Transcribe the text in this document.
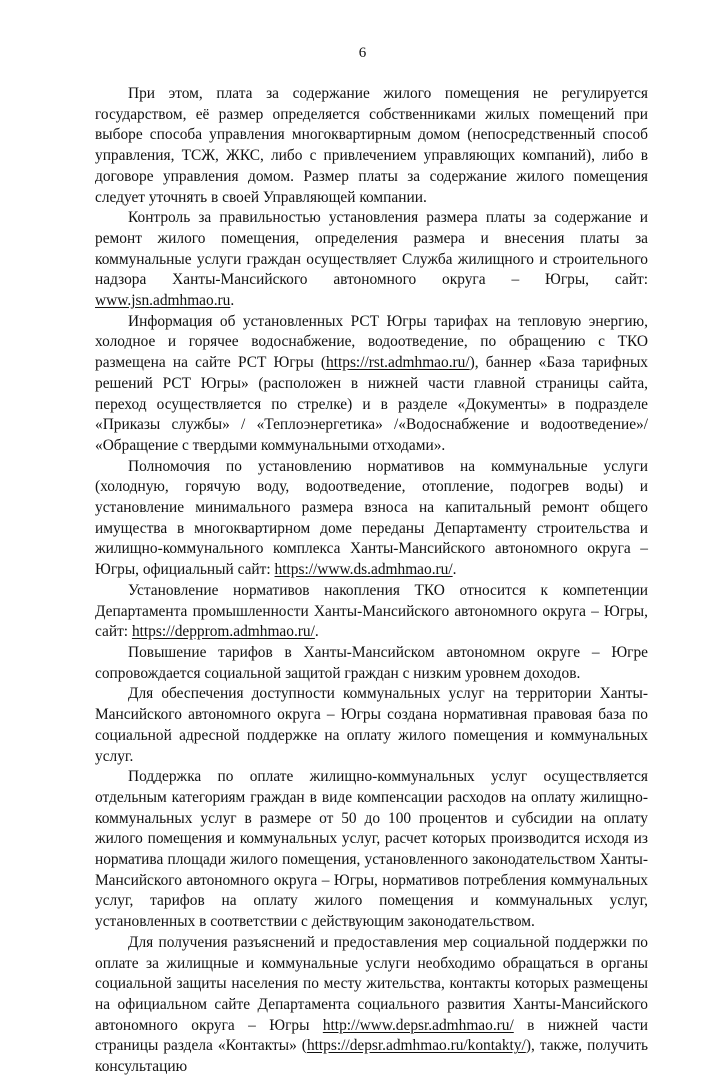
6

При этом, плата за содержание жилого помещения не регулируется государством, её размер определяется собственниками жилых помещений при выборе способа управления многоквартирным домом (непосредственный способ управления, ТСЖ, ЖКС, либо с привлечением управляющих компаний), либо в договоре управления домом. Размер платы за содержание жилого помещения следует уточнять в своей Управляющей компании.

Контроль за правильностью установления размера платы за содержание и ремонт жилого помещения, определения размера и внесения платы за коммунальные услуги граждан осуществляет Служба жилищного и строительного надзора Ханты-Мансийского автономного округа – Югры, сайт: www.jsn.admhmao.ru.

Информация об установленных РСТ Югры тарифах на тепловую энергию, холодное и горячее водоснабжение, водоотведение, по обращению с ТКО размещена на сайте РСТ Югры (https://rst.admhmao.ru/), баннер «База тарифных решений РСТ Югры» (расположен в нижней части главной страницы сайта, переход осуществляется по стрелке) и в разделе «Документы» в подразделе «Приказы службы» / «Теплоэнергетика» /«Водоснабжение и водоотведение»/ «Обращение с твердыми коммунальными отходами».

Полномочия по установлению нормативов на коммунальные услуги (холодную, горячую воду, водоотведение, отопление, подогрев воды) и установление минимального размера взноса на капитальный ремонт общего имущества в многоквартирном доме переданы Департаменту строительства и жилищно-коммунального комплекса Ханты-Мансийского автономного округа – Югры, официальный сайт: https://www.ds.admhmao.ru/.

Установление нормативов накопления ТКО относится к компетенции Департамента промышленности Ханты-Мансийского автономного округа – Югры, сайт: https://depprom.admhmao.ru/.

Повышение тарифов в Ханты-Мансийском автономном округе – Югре сопровождается социальной защитой граждан с низким уровнем доходов.

Для обеспечения доступности коммунальных услуг на территории Ханты-Мансийского автономного округа – Югры создана нормативная правовая база по социальной адресной поддержке на оплату жилого помещения и коммунальных услуг.

Поддержка по оплате жилищно-коммунальных услуг осуществляется отдельным категориям граждан в виде компенсации расходов на оплату жилищно-коммунальных услуг в размере от 50 до 100 процентов и субсидии на оплату жилого помещения и коммунальных услуг, расчет которых производится исходя из норматива площади жилого помещения, установленного законодательством Ханты-Мансийского автономного округа – Югры, нормативов потребления коммунальных услуг, тарифов на оплату жилого помещения и коммунальных услуг, установленных в соответствии с действующим законодательством.

Для получения разъяснений и предоставления мер социальной поддержки по оплате за жилищные и коммунальные услуги необходимо обращаться в органы социальной защиты населения по месту жительства, контакты которых размещены на официальном сайте Департамента социального развития Ханты-Мансийского автономного округа – Югры http://www.depsr.admhmao.ru/ в нижней части страницы раздела «Контакты» (https://depsr.admhmao.ru/kontakty/), также, получить консультацию
